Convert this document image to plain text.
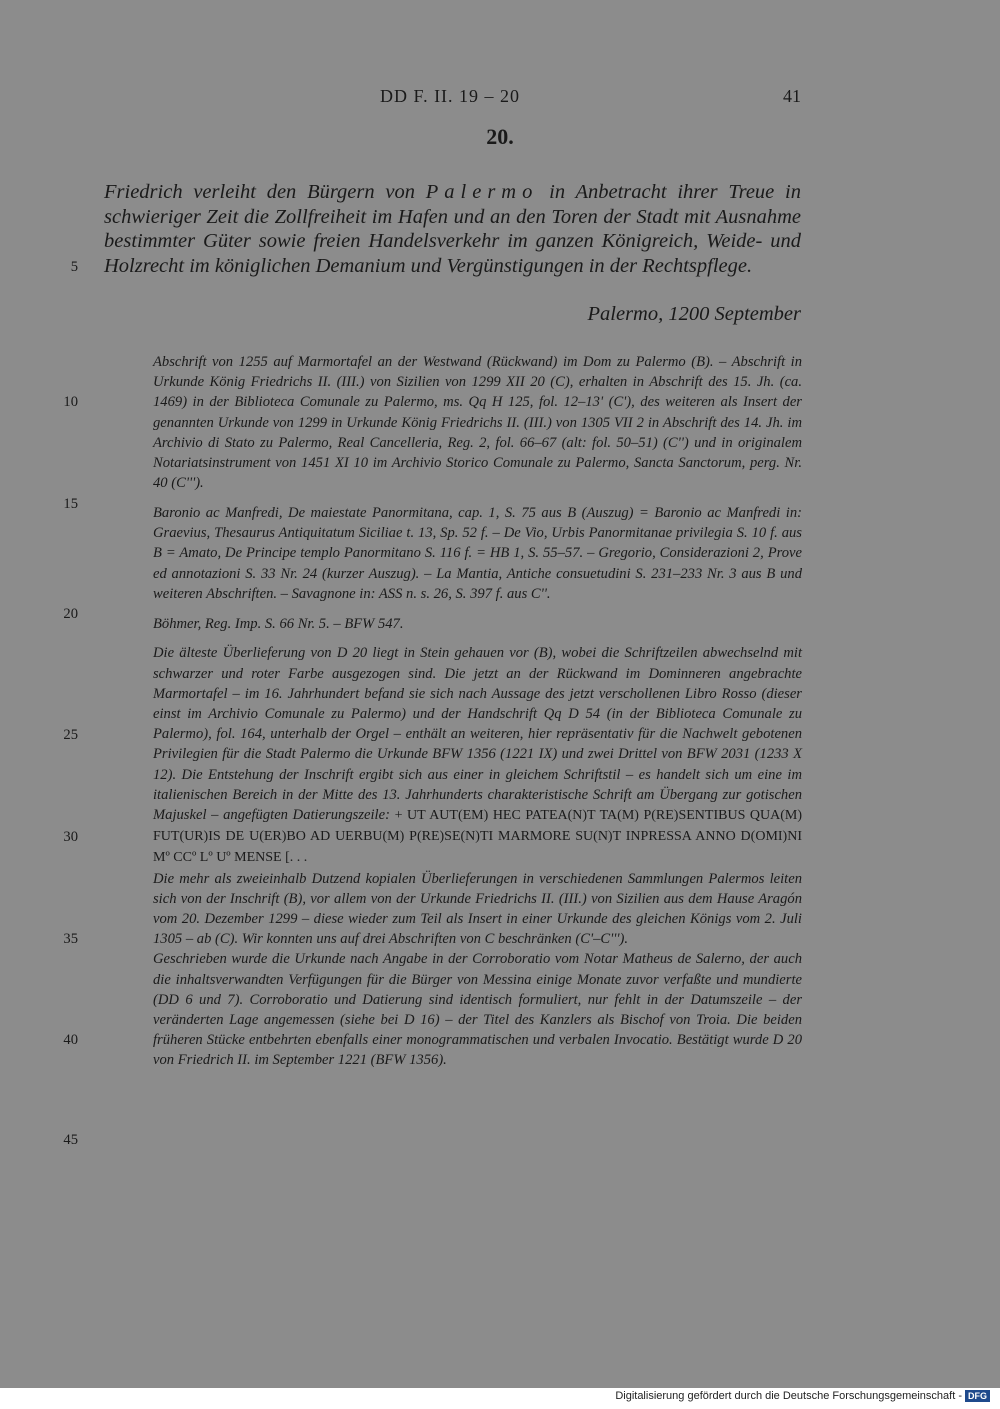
DD F. II. 19 – 20	41
20.
Friedrich verleiht den Bürgern von Palermo in Anbetracht ihrer Treue in schwieriger Zeit die Zollfreiheit im Hafen und an den Toren der Stadt mit Ausnahme bestimmter Güter sowie freien Handelsverkehr im ganzen Königreich, Weide- und Holzrecht im königlichen Demanium und Vergünstigungen in der Rechtspflege.
Palermo, 1200 September

Abschrift von 1255 auf Marmortafel an der Westwand (Rückwand) im Dom zu Palermo (B). – Abschrift in Urkunde König Friedrichs II. (III.) von Sizilien von 1299 XII 20 (C), erhalten in Abschrift des 15. Jh. (ca. 1469) in der Biblioteca Comunale zu Palermo, ms. Qq H 125, fol. 12–13' (C'), des weiteren als Insert der genannten Urkunde von 1299 in Urkunde König Friedrichs II. (III.) von 1305 VII 2 in Abschrift des 14. Jh. im Archivio di Stato zu Palermo, Real Cancelleria, Reg. 2, fol. 66–67 (alt: fol. 50–51) (C'') und in originalem Notariatsinstrument von 1451 XI 10 im Archivio Storico Comunale zu Palermo, Sancta Sanctorum, perg. Nr. 40 (C''').

Baronio ac Manfredi, De maiestate Panormitana, cap. 1, S. 75 aus B (Auszug) = Baronio ac Manfredi in: Graevius, Thesaurus Antiquitatum Siciliae t. 13, Sp. 52 f. – De Vio, Urbis Panormitanae privilegia S. 10 f. aus B = Amato, De Principe templo Panormitano S. 116 f. = HB 1, S. 55–57. – Gregorio, Considerazioni 2, Prove ed annotazioni S. 33 Nr. 24 (kurzer Auszug). – La Mantia, Antiche consuetudini S. 231–233 Nr. 3 aus B und weiteren Abschriften. – Savagnone in: ASS n. s. 26, S. 397 f. aus C''.

Böhmer, Reg. Imp. S. 66 Nr. 5. – BFW 547.

Die älteste Überlieferung von D 20 liegt in Stein gehauen vor (B), wobei die Schriftzeilen abwechselnd mit schwarzer und roter Farbe ausgezogen sind. Die jetzt an der Rückwand im Dominneren angebrachte Marmortafel – im 16. Jahrhundert befand sie sich nach Aussage des jetzt verschollenen Libro Rosso (dieser einst im Archivio Comunale zu Palermo) und der Handschrift Qq D 54 (in der Biblioteca Comunale zu Palermo), fol. 164, unterhalb der Orgel – enthält an weiteren, hier repräsentativ für die Nachwelt gebotenen Privilegien für die Stadt Palermo die Urkunde BFW 1356 (1221 IX) und zwei Drittel von BFW 2031 (1233 X 12). Die Entstehung der Inschrift ergibt sich aus einer in gleichem Schriftstil – es handelt sich um eine im italienischen Bereich in der Mitte des 13. Jahrhunderts charakteristische Schrift am Übergang zur gotischen Majuskel – angefügten Datierungszeile: + UT AUT(EM) HEC PATEA(N)T TA(M) P(RE)SENTIBUS QUA(M) FUT(UR)IS DE U(ER)BO AD UERBU(M) P(RE)SE(N)TI MARMORE SU(N)T INPRESSA ANNO D(OMI)NI Mº CCº Lº Uº MENSE [. . .

Die mehr als zweieinhalb Dutzend kopialen Überlieferungen in verschiedenen Sammlungen Palermos leiten sich von der Inschrift (B), vor allem von der Urkunde Friedrichs II. (III.) von Sizilien aus dem Hause Aragón vom 20. Dezember 1299 – diese wieder zum Teil als Insert in einer Urkunde des gleichen Königs vom 2. Juli 1305 – ab (C). Wir konnten uns auf drei Abschriften von C beschränken (C'–C''').

Geschrieben wurde die Urkunde nach Angabe in der Corroboratio vom Notar Matheus de Salerno, der auch die inhaltsverwandten Verfügungen für die Bürger von Messina einige Monate zuvor verfaßte und mundierte (DD 6 und 7). Corroboratio und Datierung sind identisch formuliert, nur fehlt in der Datumszeile – der veränderten Lage angemessen (siehe bei D 16) – der Titel des Kanzlers als Bischof von Troia. Die beiden früheren Stücke entbehrten ebenfalls einer monogrammatischen und verbalen Invocatio. Bestätigt wurde D 20 von Friedrich II. im September 1221 (BFW 1356).

5
10
15
20
25
30
35
40
45
Digitalisierung gefördert durch die Deutsche Forschungsgemeinschaft - DFG
